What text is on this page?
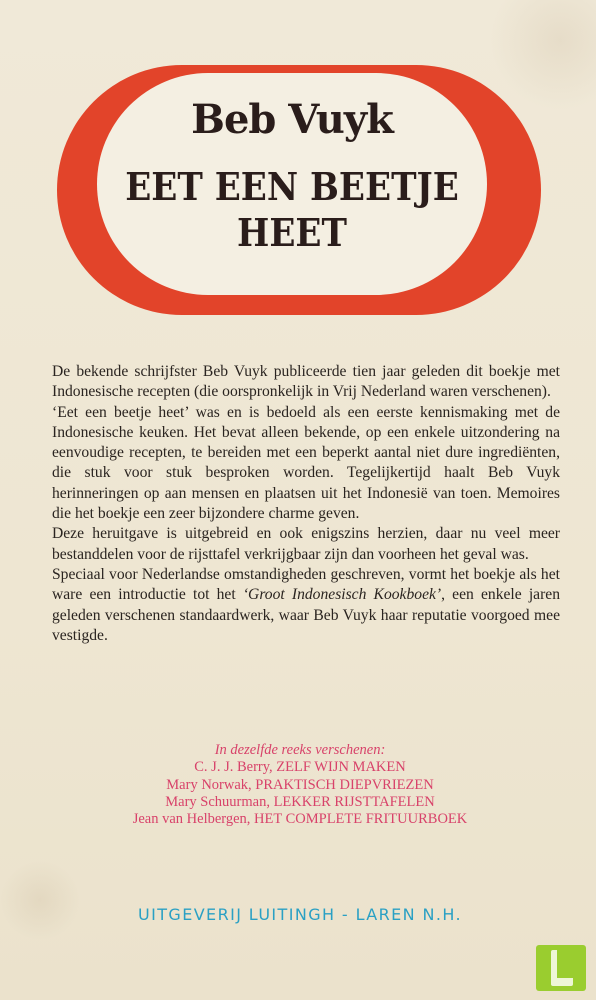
Beb Vuyk
EET EEN BEETJE
HEET

De bekende schrijfster Beb Vuyk publiceerde tien jaar geleden dit boekje met Indonesische recepten (die oorspronkelijk in Vrij Nederland waren verschenen).

‘Eet een beetje heet’ was en is bedoeld als een eerste kennismaking met de Indonesische keuken. Het bevat alleen bekende, op een enkele uitzondering na eenvoudige recepten, te bereiden met een beperkt aantal niet dure ingrediënten, die stuk voor stuk besproken worden. Tegelijkertijd haalt Beb Vuyk herinneringen op aan mensen en plaatsen uit het Indonesië van toen. Memoires die het boekje een zeer bijzondere charme geven.

Deze heruitgave is uitgebreid en ook enigszins herzien, daar nu veel meer bestanddelen voor de rijsttafel verkrijgbaar zijn dan voorheen het geval was.

Speciaal voor Nederlandse omstandigheden geschreven, vormt het boekje als het ware een introductie tot het ‘Groot Indonesisch Kookboek’, een enkele jaren geleden verschenen standaardwerk, waar Beb Vuyk haar reputatie voorgoed mee vestigde.

In dezelfde reeks verschenen:
C. J. J. Berry, ZELF WIJN MAKEN
Mary Norwak, PRAKTISCH DIEPVRIEZEN
Mary Schuurman, LEKKER RIJSTTAFELEN
Jean van Helbergen, HET COMPLETE FRITUURBOEK
UITGEVERIJ LUITINGH - LAREN N.H.
